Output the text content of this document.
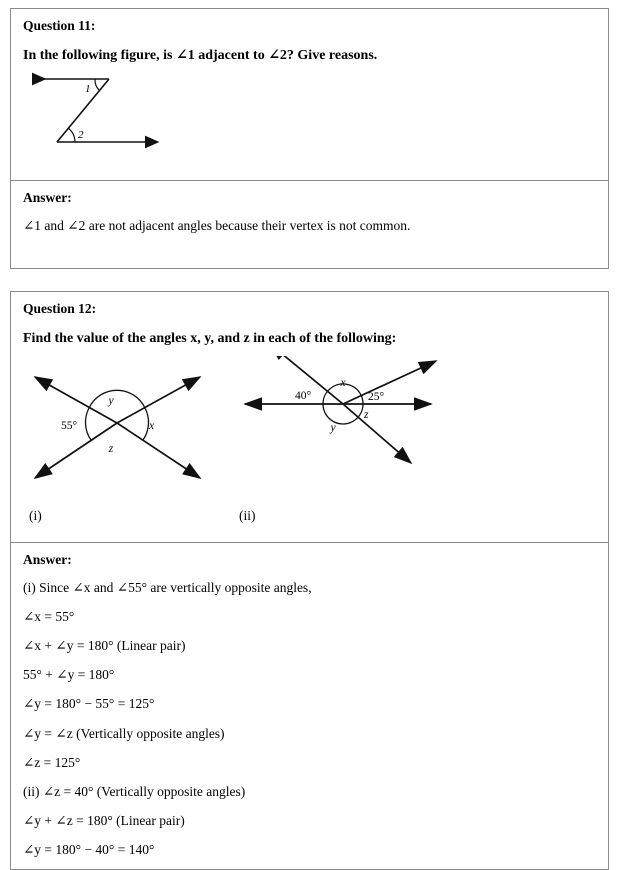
Question 11:

In the following figure, is ∠1 adjacent to ∠2? Give reasons.

1
2

Answer:

∠1 and ∠2 are not adjacent angles because their vertex is not common.

Question 12:

Find the value of the angles x, y, and z in each of the following:

y
55°	x
z
40°	25°
x
y
z
(i)	(ii)

Answer:

(i) Since ∠x and ∠55° are vertically opposite angles,

∠x = 55°

∠x + ∠y = 180° (Linear pair)

55° + ∠y = 180°

∠y = 180° − 55° = 125°

∠y = ∠z (Vertically opposite angles)

∠z = 125°

(ii) ∠z = 40° (Vertically opposite angles)

∠y + ∠z = 180° (Linear pair)

∠y = 180° − 40° = 140°
